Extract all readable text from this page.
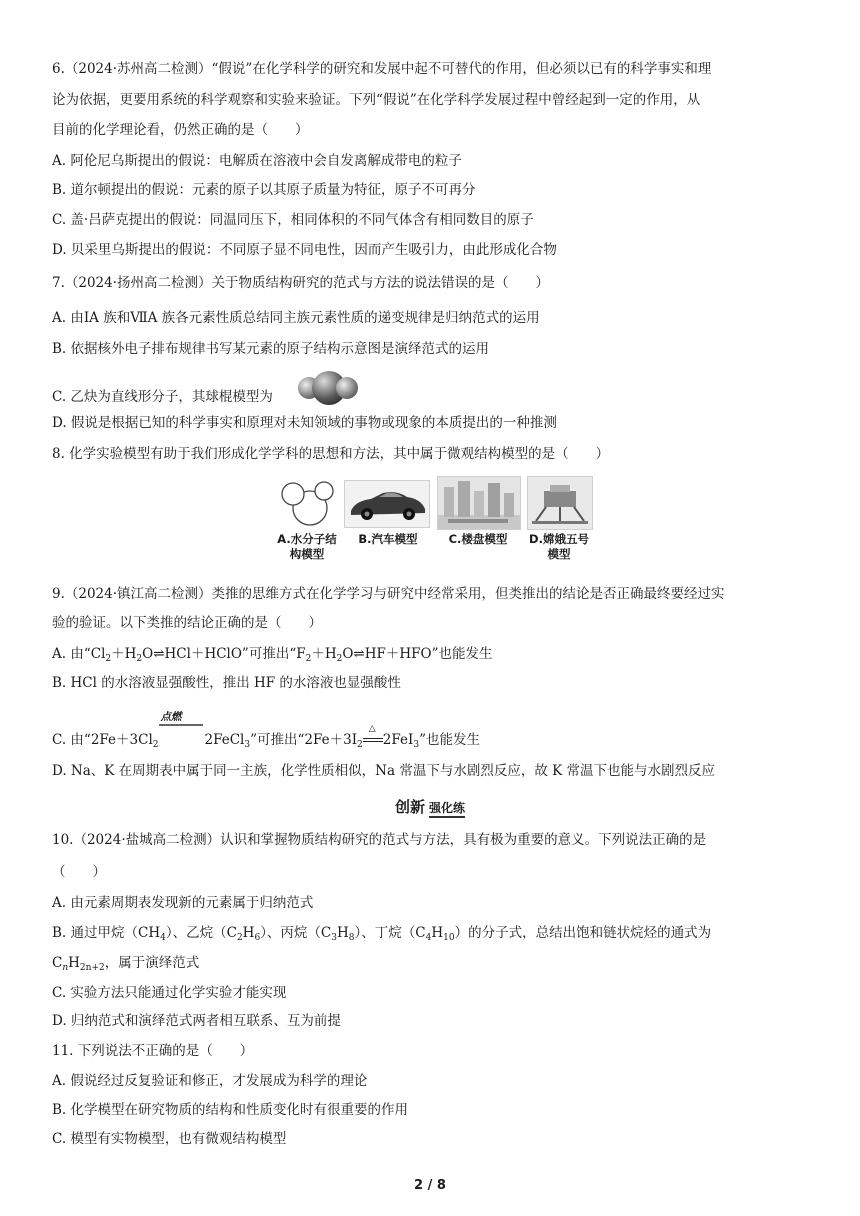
6.（2024·苏州高二检测）“假说”在化学科学的研究和发展中起不可替代的作用，但必须以已有的科学事实和理
论为依据，更要用系统的科学观察和实验来验证。下列“假说”在化学科学发展过程中曾经起到一定的作用，从
目前的化学理论看，仍然正确的是（　　）
A. 阿伦尼乌斯提出的假说：电解质在溶液中会自发离解成带电的粒子
B. 道尔顿提出的假说：元素的原子以其原子质量为特征，原子不可再分
C. 盖·吕萨克提出的假说：同温同压下，相同体积的不同气体含有相同数目的原子
D. 贝采里乌斯提出的假说：不同原子显不同电性，因而产生吸引力，由此形成化合物
7.（2024·扬州高二检测）关于物质结构研究的范式与方法的说法错误的是（　　）
A. 由ⅠA 族和ⅦA 族各元素性质总结同主族元素性质的递变规律是归纳范式的运用
B. 依据核外电子排布规律书写某元素的原子结构示意图是演绎范式的运用
C. 乙炔为直线形分子，其球棍模型为
D. 假说是根据已知的科学事实和原理对未知领域的事物或现象的本质提出的一种推测
8. 化学实验模型有助于我们形成化学学科的思想和方法，其中属于微观结构模型的是（　　）
A.水分子结
构模型
B.汽车模型	C.楼盘模型	D.嫦娥五号
模型
9.（2024·镇江高二检测）类推的思维方式在化学学习与研究中经常采用，但类推出的结论是否正确最终要经过实
验的验证。以下类推的结论正确的是（　　）
A. 由“$Cl_2+H_2O\rightleftharpoons HCl+HClO$”可推出“$F_2+H_2O\rightleftharpoons HF+HFO$”也能发生
B. HCl 的水溶液显强酸性，推出 HF 的水溶液也显强酸性
C. 由“$2Fe+3Cl_2$
点燃
2FeCl$_3$”可推出“$2Fe+3I_2$
△
2FeI$_3$”也能发生
D. Na、K 在周期表中属于同一主族，化学性质相似，Na 常温下与水剧烈反应，故 K 常温下也能与水剧烈反应
创新 强化练
10.（2024·盐城高二检测）认识和掌握物质结构研究的范式与方法，具有极为重要的意义。下列说法正确的是
（　　）
A. 由元素周期表发现新的元素属于归纳范式
B. 通过甲烷$(CH_4)$、乙烷$(C_2H_6)$、丙烷$(C_3H_8)$、丁烷$(C_4H_{10})$的分子式，总结出饱和链状烷烃的通式为
$C_nH_{2n+2}$，属于演绎范式
C. 实验方法只能通过化学实验才能实现
D. 归纳范式和演绎范式两者相互联系、互为前提
11. 下列说法不正确的是（　　）
A. 假说经过反复验证和修正，才发展成为科学的理论
B. 化学模型在研究物质的结构和性质变化时有很重要的作用
C. 模型有实物模型，也有微观结构模型
2 / 8
